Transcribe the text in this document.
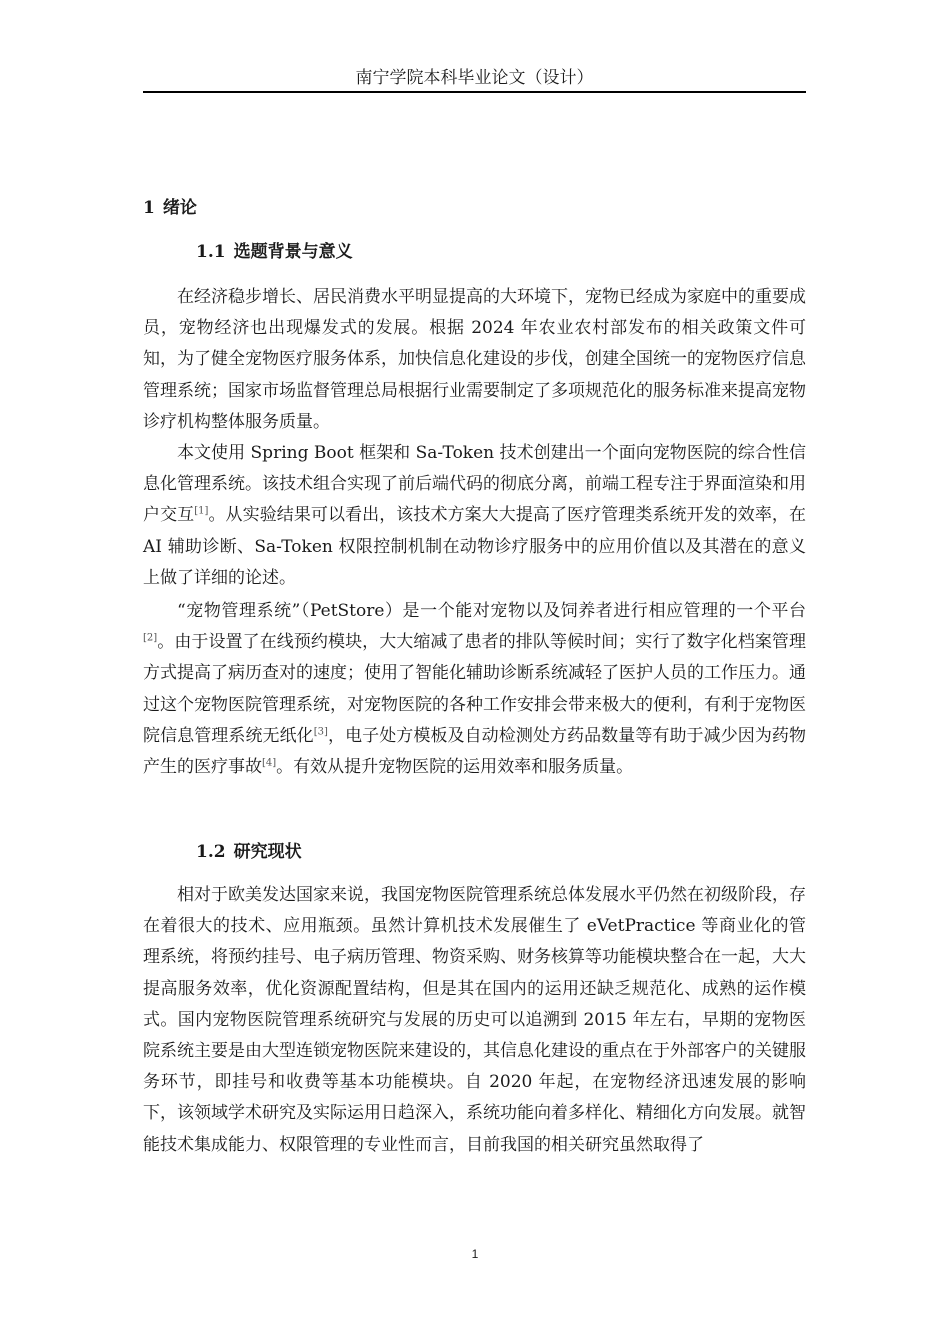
南宁学院本科毕业论文（设计）
1 绪论
1.1 选题背景与意义

在经济稳步增长、居民消费水平明显提高的大环境下，宠物已经成为家庭中的重要成员，宠物经济也出现爆发式的发展。根据 2024 年农业农村部发布的相关政策文件可知，为了健全宠物医疗服务体系，加快信息化建设的步伐，创建全国统一的宠物医疗信息管理系统；国家市场监督管理总局根据行业需要制定了多项规范化的服务标准来提高宠物诊疗机构整体服务质量。

本文使用 Spring Boot 框架和 Sa-Token 技术创建出一个面向宠物医院的综合性信息化管理系统。该技术组合实现了前后端代码的彻底分离，前端工程专注于界面渲染和用户交互[1]。从实验结果可以看出，该技术方案大大提高了医疗管理类系统开发的效率，在 AI 辅助诊断、Sa-Token 权限控制机制在动物诊疗服务中的应用价值以及其潜在的意义上做了详细的论述。

“宠物管理系统”（PetStore）是一个能对宠物以及饲养者进行相应管理的一个平台[2]。由于设置了在线预约模块，大大缩减了患者的排队等候时间；实行了数字化档案管理方式提高了病历查对的速度；使用了智能化辅助诊断系统减轻了医护人员的工作压力。通过这个宠物医院管理系统，对宠物医院的各种工作安排会带来极大的便利，有利于宠物医院信息管理系统无纸化[3]，电子处方模板及自动检测处方药品数量等有助于减少因为药物产生的医疗事故[4]。有效从提升宠物医院的运用效率和服务质量。

1.2 研究现状

相对于欧美发达国家来说，我国宠物医院管理系统总体发展水平仍然在初级阶段，存在着很大的技术、应用瓶颈。虽然计算机技术发展催生了 eVetPractice 等商业化的管理系统，将预约挂号、电子病历管理、物资采购、财务核算等功能模块整合在一起，大大提高服务效率，优化资源配置结构，但是其在国内的运用还缺乏规范化、成熟的运作模式。国内宠物医院管理系统研究与发展的历史可以追溯到 2015 年左右，早期的宠物医院系统主要是由大型连锁宠物医院来建设的，其信息化建设的重点在于外部客户的关键服务环节，即挂号和收费等基本功能模块。自 2020 年起，在宠物经济迅速发展的影响下，该领域学术研究及实际运用日趋深入，系统功能向着多样化、精细化方向发展。就智能技术集成能力、权限管理的专业性而言，目前我国的相关研究虽然取得了

1
